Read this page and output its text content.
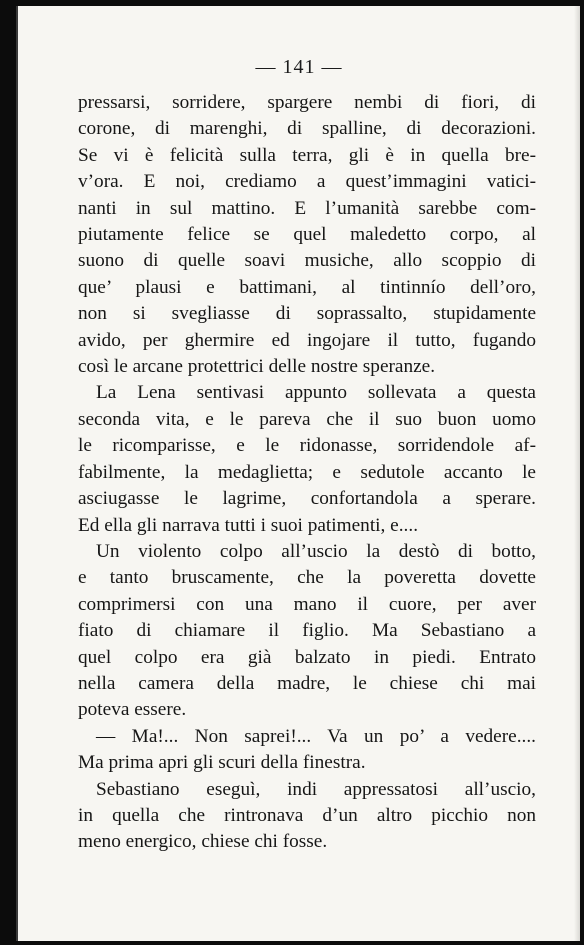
— 141 —
pressarsi, sorridere, spargere nembi di fiori, di
corone, di marenghi, di spalline, di decorazioni.
Se vi è felicità sulla terra, gli è in quella bre-
v’ora. E noi, crediamo a quest’immagini vatici-
nanti in sul mattino. E l’umanità sarebbe com-
piutamente felice se quel maledetto corpo, al
suono di quelle soavi musiche, allo scoppio di
que’ plausi e battimani, al tintinnío dell’oro,
non si svegliasse di soprassalto, stupidamente
avido, per ghermire ed ingojare il tutto, fugando
così le arcane protettrici delle nostre speranze.
La Lena sentivasi appunto sollevata a questa
seconda vita, e le pareva che il suo buon uomo
le ricomparisse, e le ridonasse, sorridendole af-
fabilmente, la medaglietta; e sedutole accanto le
asciugasse le lagrime, confortandola a sperare.
Ed ella gli narrava tutti i suoi patimenti, e....
Un violento colpo all’uscio la destò di botto,
e tanto bruscamente, che la poveretta dovette
comprimersi con una mano il cuore, per aver
fiato di chiamare il figlio. Ma Sebastiano a
quel colpo era già balzato in piedi. Entrato
nella camera della madre, le chiese chi mai
poteva essere.
— Ma!... Non saprei!... Va un po’ a vedere....
Ma prima apri gli scuri della finestra.
Sebastiano eseguì, indi appressatosi all’uscio,
in quella che rintronava d’un altro picchio non
meno energico, chiese chi fosse.
